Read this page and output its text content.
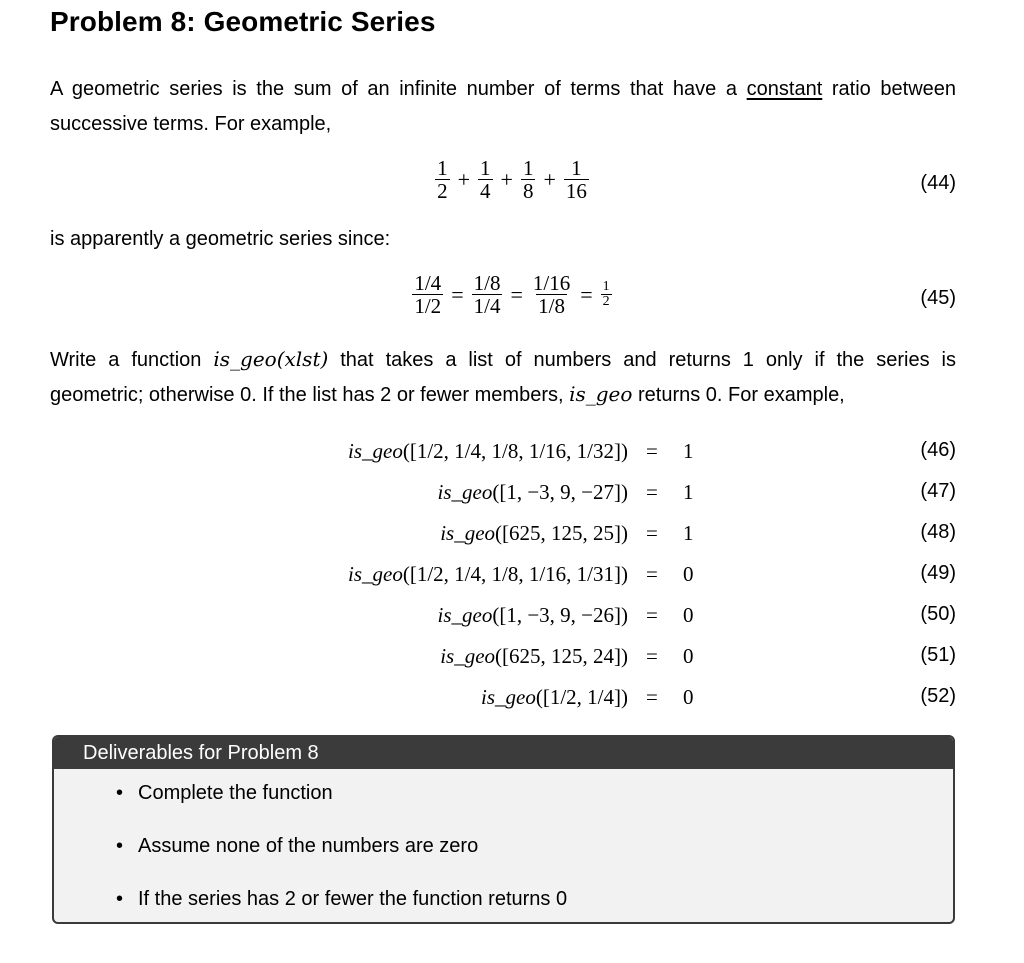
Problem 8: Geometric Series

A geometric series is the sum of an infinite number of terms that have a constant ratio between

successive terms. For example,

$\frac{1}{2} + \frac{1}{4} + \frac{1}{8} + \frac{1}{16}$	(44)

is apparently a geometric series since:

$\frac{1/4}{1/2} = \frac{1/8}{1/4} = \frac{1/16}{1/8} = \frac{1}{2}$	(45)

Write a function is_geo(xlst) that takes a list of numbers and returns 1 only if the series is

geometric; otherwise 0. If the list has 2 or fewer members, is_geo returns 0. For example,

is_geo([1/2, 1/4, 1/8, 1/16, 1/32]) = 1	(46)
is_geo([1, −3, 9, −27]) = 1	(47)
is_geo([625, 125, 25]) = 1	(48)
is_geo([1/2, 1/4, 1/8, 1/16, 1/31]) = 0	(49)
is_geo([1, −3, 9, −26]) = 0	(50)
is_geo([625, 125, 24]) = 0	(51)
is_geo([1/2, 1/4]) = 0	(52)
Deliverables for Problem 8
• Complete the function
• Assume none of the numbers are zero
• If the series has 2 or fewer the function returns 0
